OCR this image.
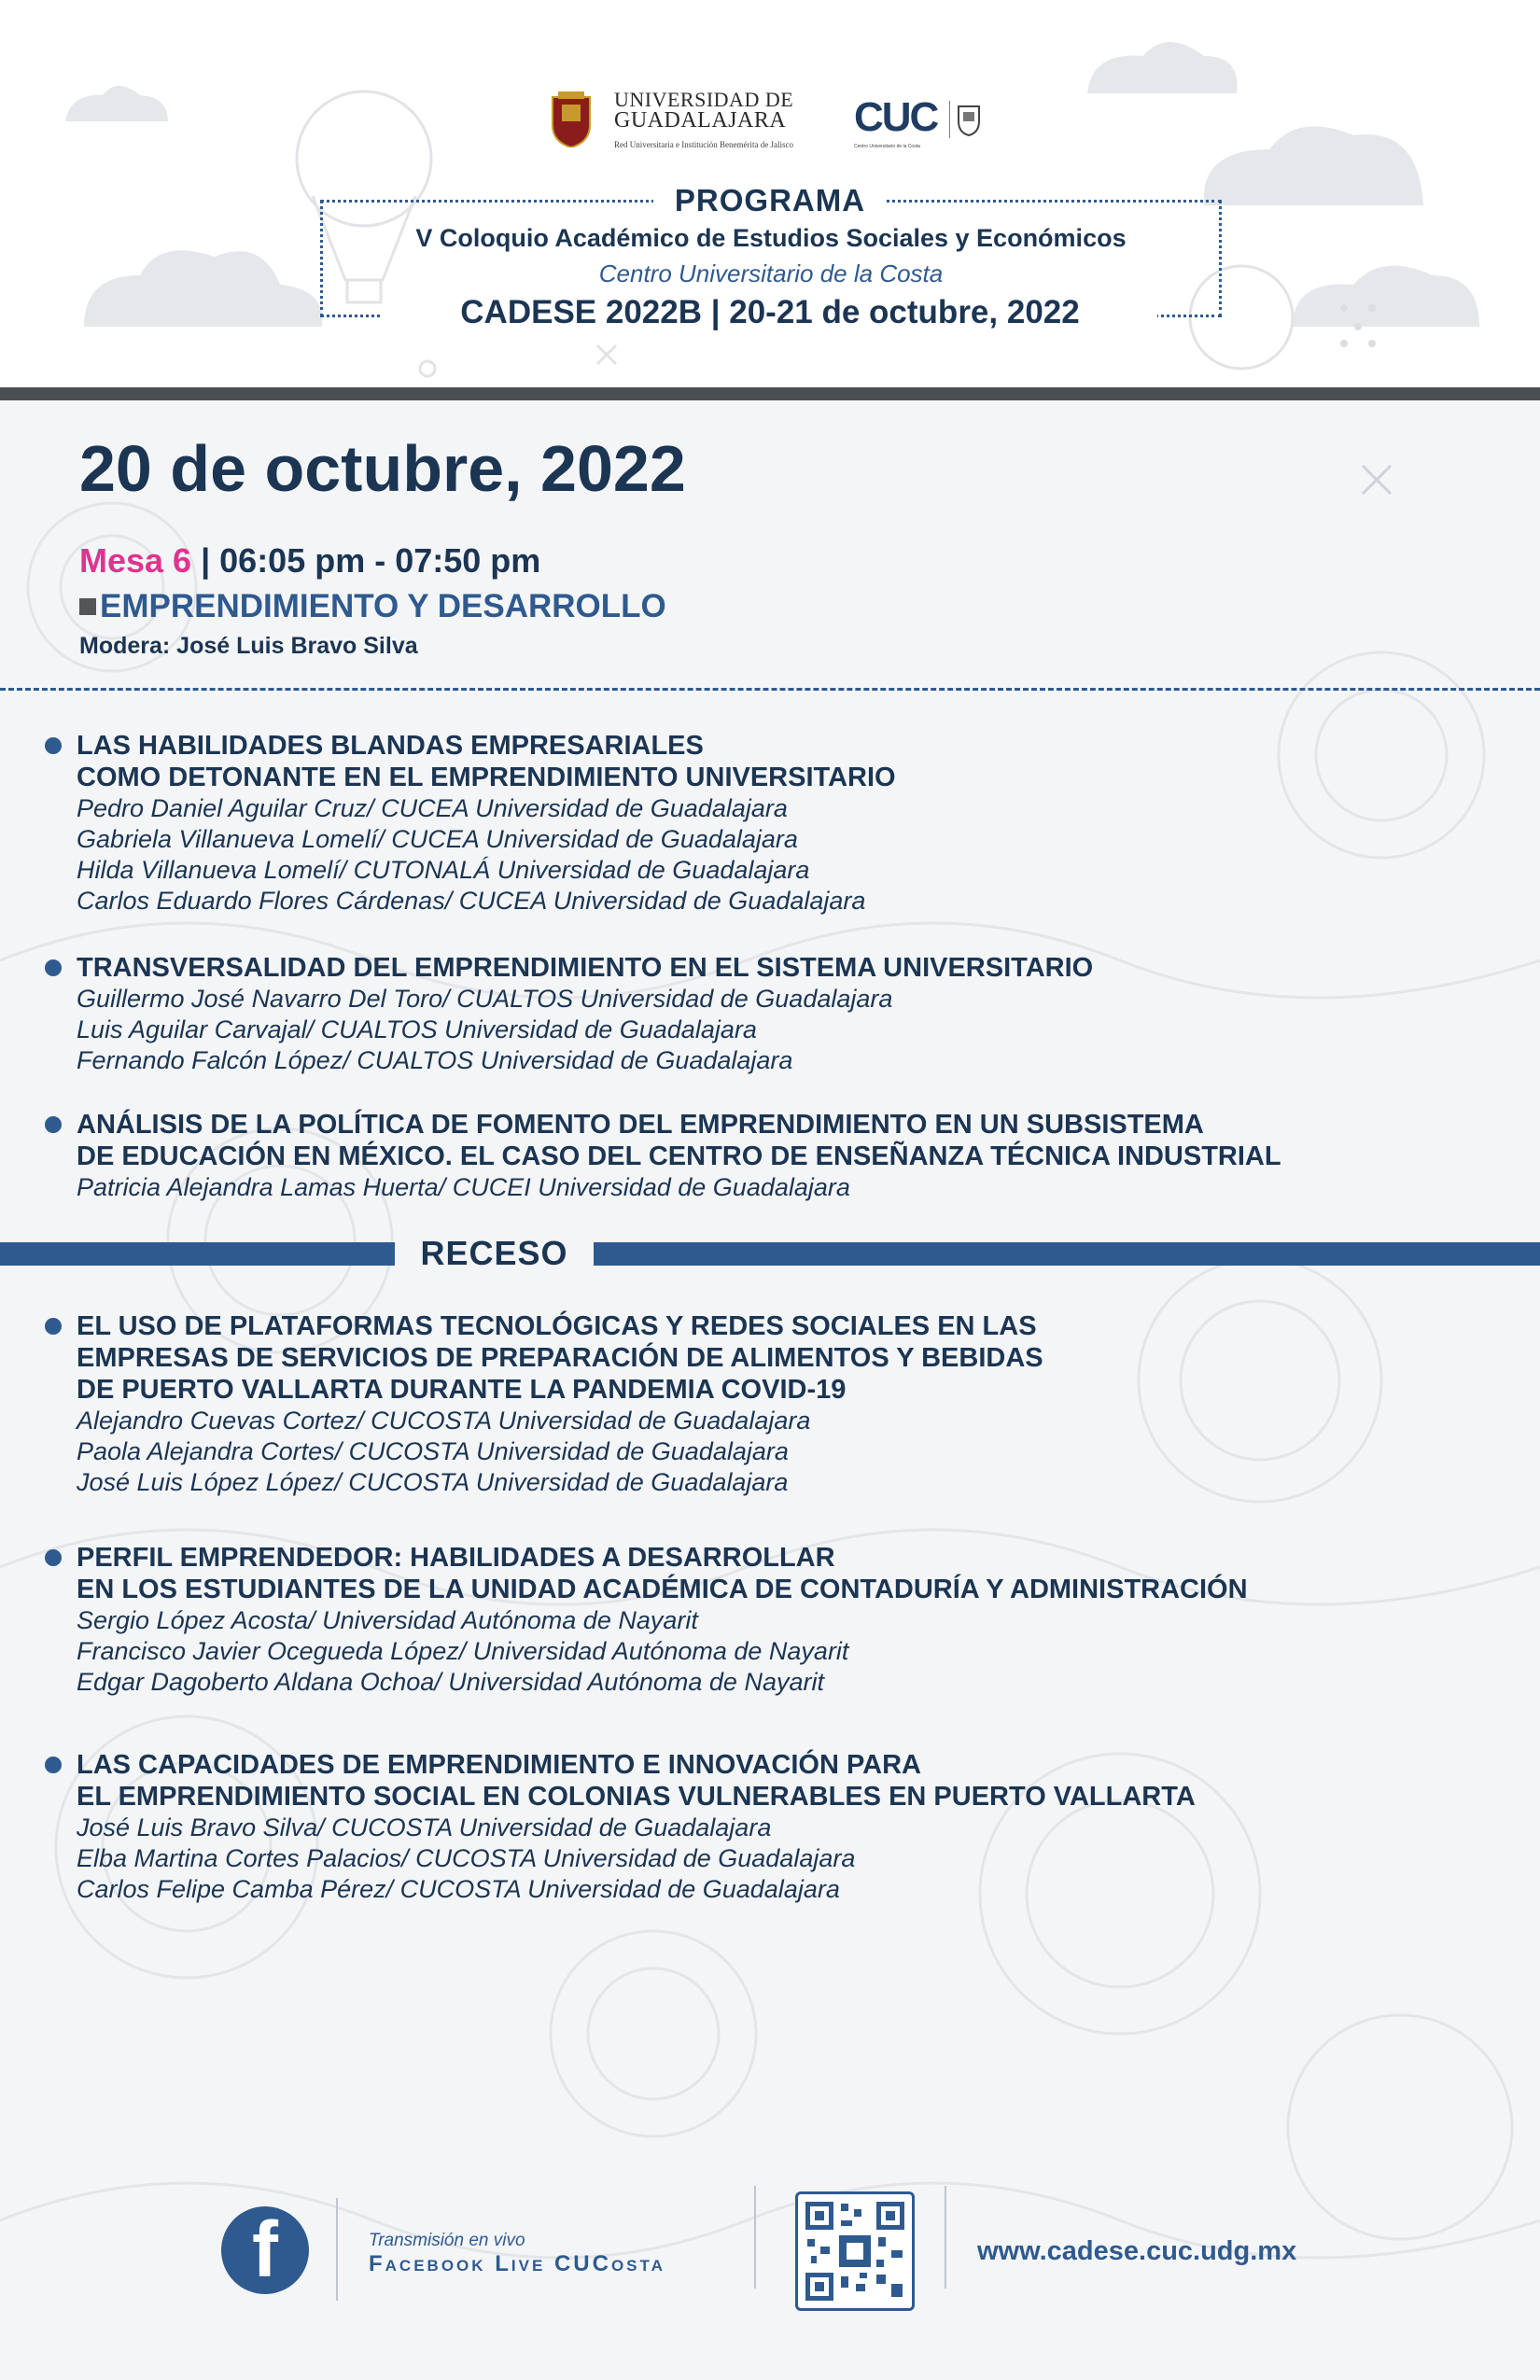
UNIVERSIDAD DE
GUADALAJARA
Red Universitaria e Institución Benemérita de Jalisco
CUC
Centro Universitario de la Costa
PROGRAMA
V Coloquio Académico de Estudios Sociales y Económicos
Centro Universitario de la Costa
CADESE 2022B | 20-21 de octubre, 2022
20 de octubre, 2022
Mesa 6 | 06:05 pm - 07:50 pm
EMPRENDIMIENTO Y DESARROLLO
Modera: José Luis Bravo Silva
LAS HABILIDADES BLANDAS EMPRESARIALES
COMO DETONANTE EN EL EMPRENDIMIENTO UNIVERSITARIO
Pedro Daniel Aguilar Cruz/ CUCEA Universidad de Guadalajara
Gabriela Villanueva Lomelí/ CUCEA Universidad de Guadalajara
Hilda Villanueva Lomelí/ CUTONALÁ Universidad de Guadalajara
Carlos Eduardo Flores Cárdenas/ CUCEA Universidad de Guadalajara
TRANSVERSALIDAD DEL EMPRENDIMIENTO EN EL SISTEMA UNIVERSITARIO
Guillermo José Navarro Del Toro/ CUALTOS Universidad de Guadalajara
Luis Aguilar Carvajal/ CUALTOS Universidad de Guadalajara
Fernando Falcón López/ CUALTOS Universidad de Guadalajara
ANÁLISIS DE LA POLÍTICA DE FOMENTO DEL EMPRENDIMIENTO EN UN SUBSISTEMA
DE EDUCACIÓN EN MÉXICO. EL CASO DEL CENTRO DE ENSEÑANZA TÉCNICA INDUSTRIAL
Patricia Alejandra Lamas Huerta/ CUCEI Universidad de Guadalajara
RECESO
EL USO DE PLATAFORMAS TECNOLÓGICAS Y REDES SOCIALES EN LAS
EMPRESAS DE SERVICIOS DE PREPARACIÓN DE ALIMENTOS Y BEBIDAS
DE PUERTO VALLARTA DURANTE LA PANDEMIA COVID-19
Alejandro Cuevas Cortez/ CUCOSTA Universidad de Guadalajara
Paola Alejandra Cortes/ CUCOSTA Universidad de Guadalajara
José Luis López López/ CUCOSTA Universidad de Guadalajara
PERFIL EMPRENDEDOR: HABILIDADES A DESARROLLAR
EN LOS ESTUDIANTES DE LA UNIDAD ACADÉMICA DE CONTADURÍA Y ADMINISTRACIÓN
Sergio López Acosta/ Universidad Autónoma de Nayarit
Francisco Javier Ocegueda López/ Universidad Autónoma de Nayarit
Edgar Dagoberto Aldana Ochoa/ Universidad Autónoma de Nayarit
LAS CAPACIDADES DE EMPRENDIMIENTO E INNOVACIÓN PARA
EL EMPRENDIMIENTO SOCIAL EN COLONIAS VULNERABLES EN PUERTO VALLARTA
José Luis Bravo Silva/ CUCOSTA Universidad de Guadalajara
Elba Martina Cortes Palacios/ CUCOSTA Universidad de Guadalajara
Carlos Felipe Camba Pérez/ CUCOSTA Universidad de Guadalajara
f	Transmisión en vivo
Facebook Live CUCosta	www.cadese.cuc.udg.mx
